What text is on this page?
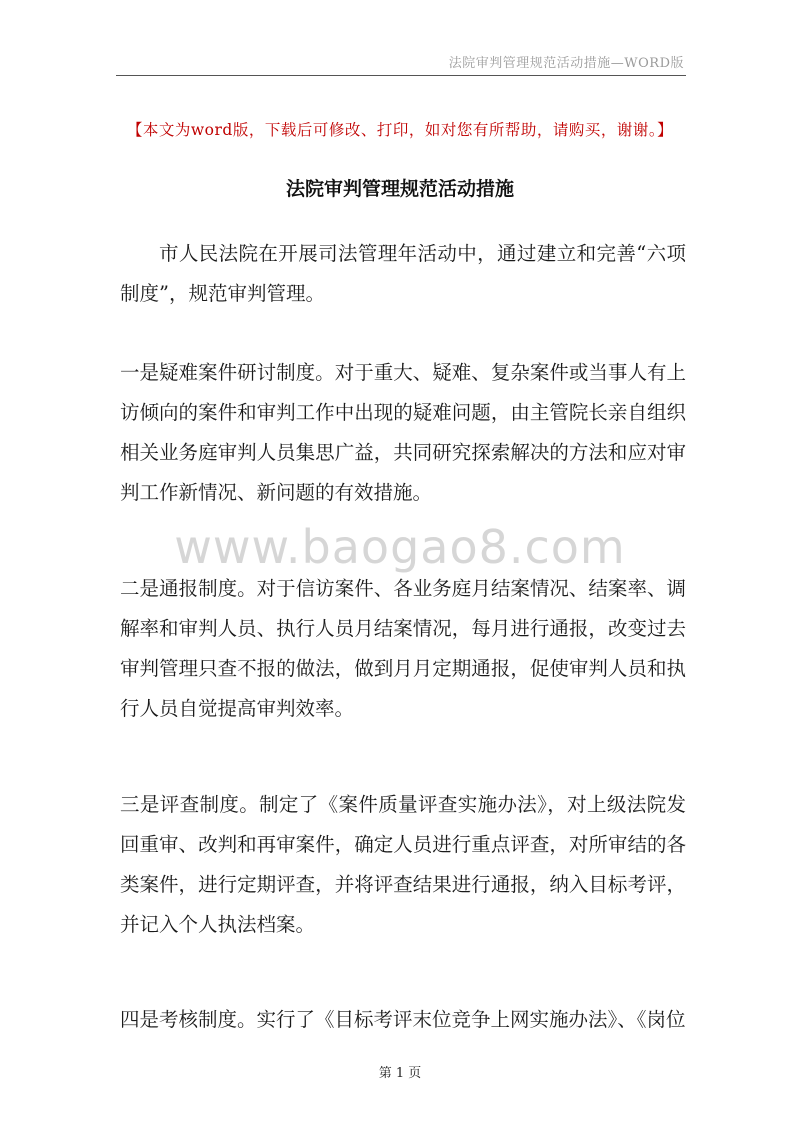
法院审判管理规范活动措施—WORD版
【本文为word版，下载后可修改、打印，如对您有所帮助，请购买，谢谢。】
法院审判管理规范活动措施

市人民法院在开展司法管理年活动中，通过建立和完善“六项制度”，规范审判管理。

一是疑难案件研讨制度。对于重大、疑难、复杂案件或当事人有上访倾向的案件和审判工作中出现的疑难问题，由主管院长亲自组织相关业务庭审判人员集思广益，共同研究探索解决的方法和应对审判工作新情况、新问题的有效措施。

二是通报制度。对于信访案件、各业务庭月结案情况、结案率、调解率和审判人员、执行人员月结案情况，每月进行通报，改变过去审判管理只查不报的做法，做到月月定期通报，促使审判人员和执行人员自觉提高审判效率。

三是评查制度。制定了《案件质量评查实施办法》，对上级法院发回重审、改判和再审案件，确定人员进行重点评查，对所审结的各类案件，进行定期评查，并将评查结果进行通报，纳入目标考评，并记入个人执法档案。

四是考核制度。实行了《目标考评末位竞争上网实施办法》、《岗位

www.baogao8.com
第 1 页
